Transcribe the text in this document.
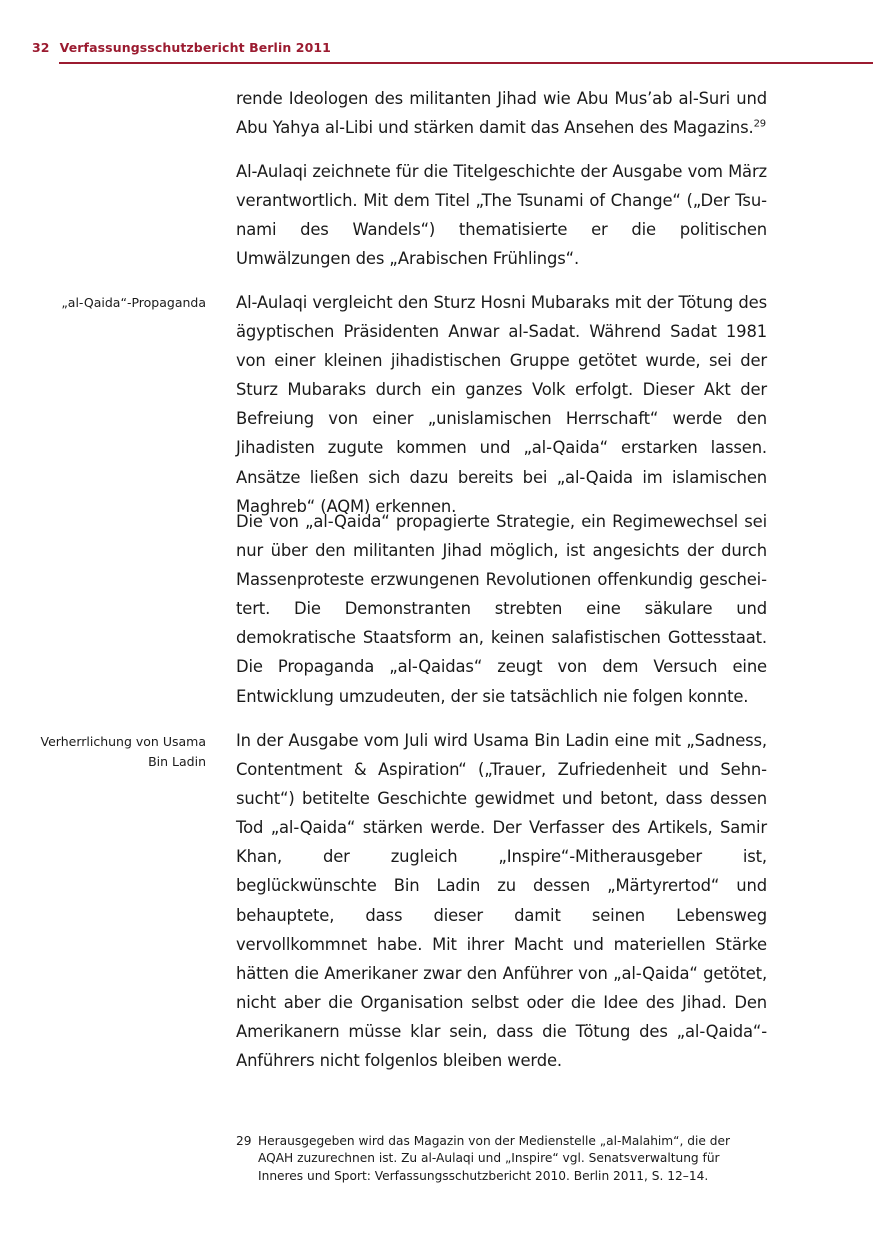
32 Verfassungsschutzbericht Berlin 2011
„al-Qaida“-Propaganda
Verherrlichung von Usama Bin Ladin
rende Ideologen des militanten Jihad wie Abu Mus’ab al-Suri und Abu Yahya al-Libi und stärken damit das Ansehen des Magazins.$^{29}$
Al-Aulaqi zeichnete für die Titelgeschichte der Ausgabe vom März verantwortlich. Mit dem Titel „The Tsunami of Change“ („Der Tsunami des Wandels“) thematisierte er die politischen Umwälzungen des „Arabischen Frühlings“.
Al-Aulaqi vergleicht den Sturz Hosni Mubaraks mit der Tötung des ägyptischen Präsidenten Anwar al-Sadat. Während Sadat 1981 von einer kleinen jihadistischen Gruppe getötet wurde, sei der Sturz Mubaraks durch ein ganzes Volk erfolgt. Dieser Akt der Befreiung von einer „unislamischen Herrschaft“ werde den Jihadisten zugute kommen und „al-Qaida“ erstarken lassen. Ansätze ließen sich dazu bereits bei „al-Qaida im islamischen Maghreb“ (AQM) erkennen.
Die von „al-Qaida“ propagierte Strategie, ein Regimewechsel sei nur über den militanten Jihad möglich, ist angesichts der durch Massenproteste erzwungenen Revolutionen offenkundig gescheitert. Die Demonstranten strebten eine säkulare und demokratische Staatsform an, keinen salafistischen Gottesstaat. Die Propaganda „al-Qaidas“ zeugt von dem Versuch eine Entwicklung umzudeuten, der sie tatsächlich nie folgen konnte.
In der Ausgabe vom Juli wird Usama Bin Ladin eine mit „Sadness, Contentment & Aspiration“ („Trauer, Zufriedenheit und Sehnsucht“) betitelte Geschichte gewidmet und betont, dass dessen Tod „al-Qaida“ stärken werde. Der Verfasser des Artikels, Samir Khan, der zugleich „Inspire“-Mitherausgeber ist, beglückwünschte Bin Ladin zu dessen „Märtyrertod“ und behauptete, dass dieser damit seinen Lebensweg vervollkommnet habe. Mit ihrer Macht und materiellen Stärke hätten die Amerikaner zwar den Anführer von „al-Qaida“ getötet, nicht aber die Organisation selbst oder die Idee des Jihad. Den Amerikanern müsse klar sein, dass die Tötung des „al-Qaida“-Anführers nicht folgenlos bleiben werde.
29 Herausgegeben wird das Magazin von der Medienstelle „al-Malahim“, die der AQAH zuzurechnen ist. Zu al-Aulaqi und „Inspire“ vgl. Senatsverwaltung für Inneres und Sport: Verfassungsschutzbericht 2010. Berlin 2011, S. 12–14.
